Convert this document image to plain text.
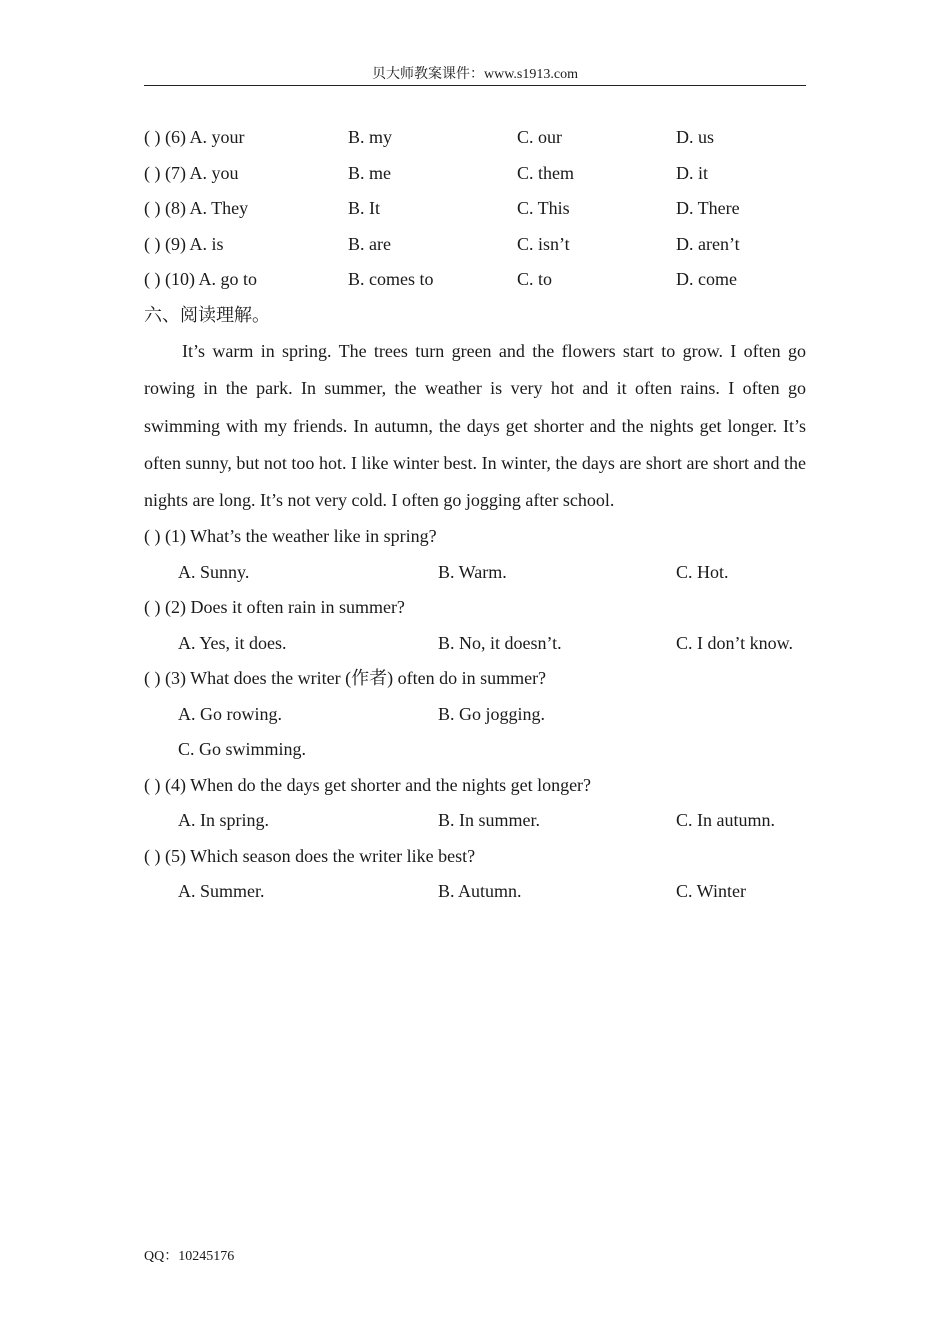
贝大师教案课件：www.s1913.com
( ) (6) A. your	B. my	C. our	D. us
( ) (7) A. you	B. me	C. them	D. it
( ) (8) A. They	B. It	C. This	D. There
( ) (9) A. is	B. are	C. isn’t	D. aren’t
( ) (10) A. go to	B. comes to	C. to	D. come
六、阅读理解。

It’s warm in spring. The trees turn green and the flowers start to grow. I often go rowing in the park. In summer, the weather is very hot and it often rains. I often go swimming with my friends. In autumn, the days get shorter and the nights get longer. It’s often sunny, but not too hot. I like winter best. In winter, the days are short are short and the nights are long. It’s not very cold. I often go jogging after school.

( ) (1) What’s the weather like in spring?
A. Sunny.	B. Warm.	C. Hot.
( ) (2) Does it often rain in summer?
A. Yes, it does.	B. No, it doesn’t.	C. I don’t know.
( ) (3) What does the writer (作者) often do in summer?
A. Go rowing.	B. Go jogging.
C. Go swimming.
( ) (4) When do the days get shorter and the nights get longer?
A. In spring.	B. In summer.	C. In autumn.
( ) (5) Which season does the writer like best?
A. Summer.	B. Autumn.	C. Winter
QQ：10245176
